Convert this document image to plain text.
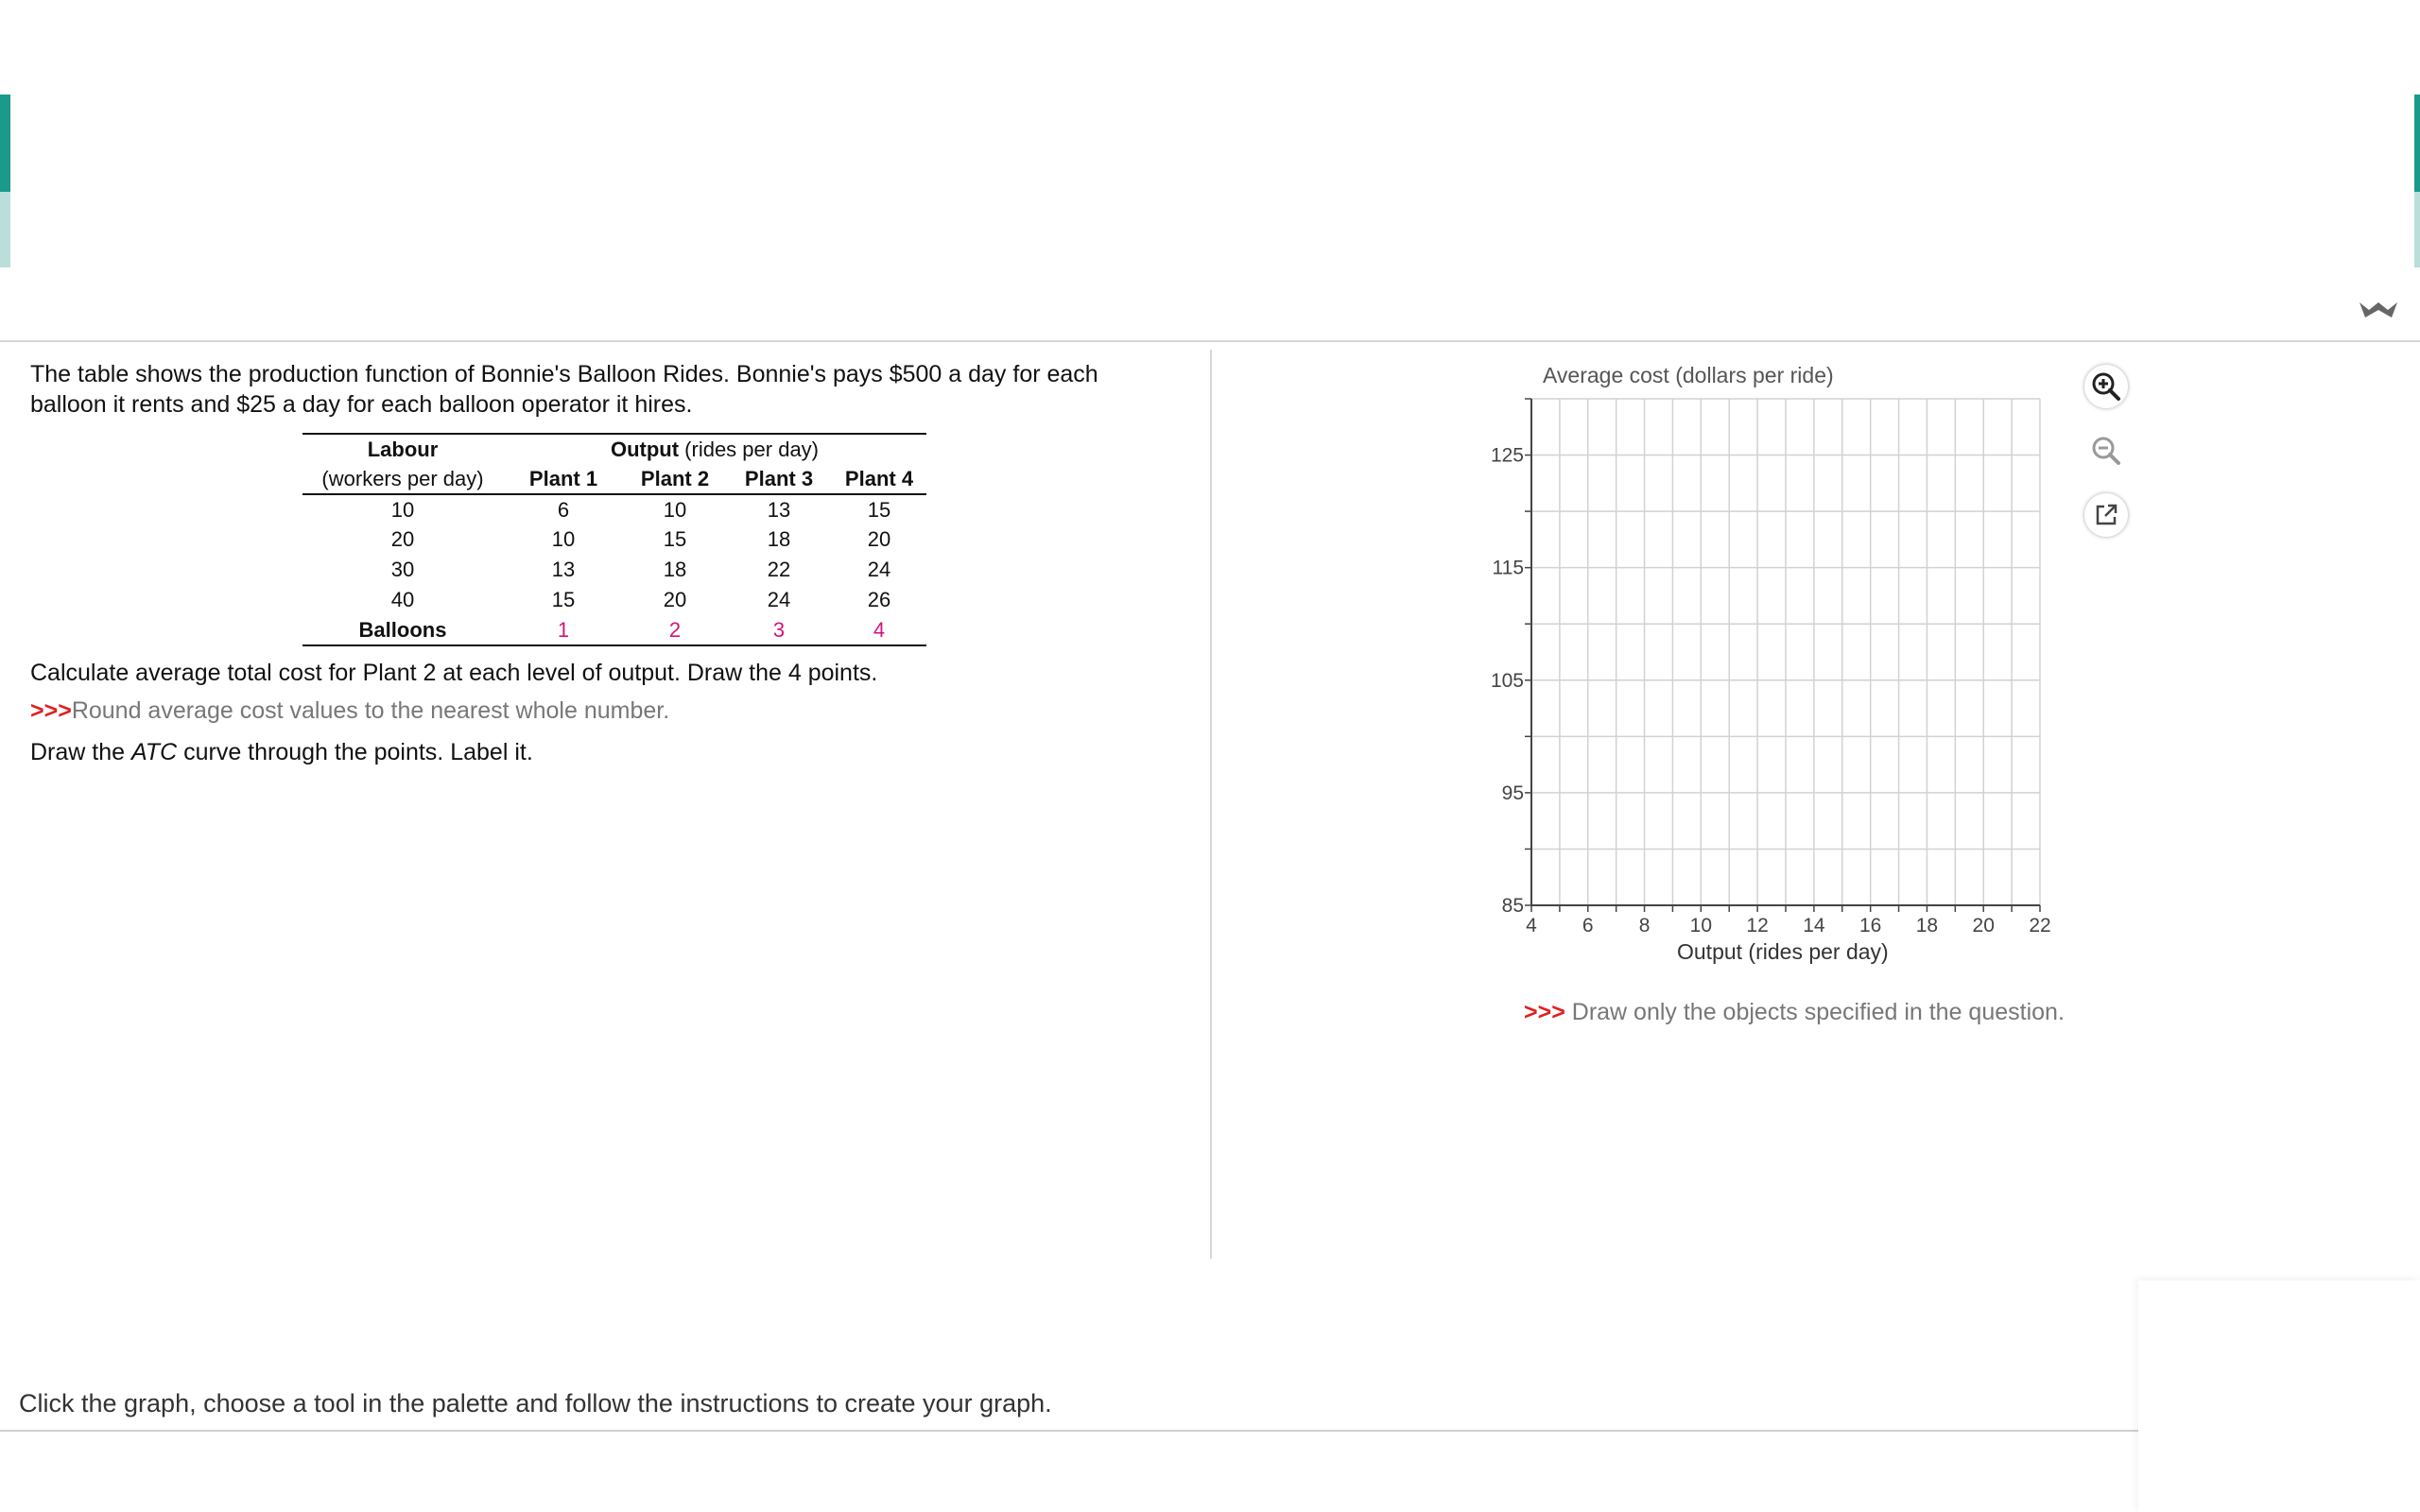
The table shows the production function of Bonnie's Balloon Rides. Bonnie's pays $500 a day for each balloon it rents and $25 a day for each balloon operator it hires.

Labour	Output (rides per day)			
(workers per day)	Plant 1	Plant 2	Plant 3	Plant 4
10	6	10	13	15
20	10	15	18	20
30	13	18	22	24
40	15	20	24	26
Balloons	1	2	3	4
Calculate average total cost for Plant 2 at each level of output. Draw the 4 points.
>>>Round average cost values to the nearest whole number.
Draw the ATC curve through the points. Label it.
Average cost (dollars per ride)
4 6 8 10 12 14 16 18 20 22
125
115
105
95
85
Output (rides per day)
>>> Draw only the objects specified in the question.
Click the graph, choose a tool in the palette and follow the instructions to create your graph.
